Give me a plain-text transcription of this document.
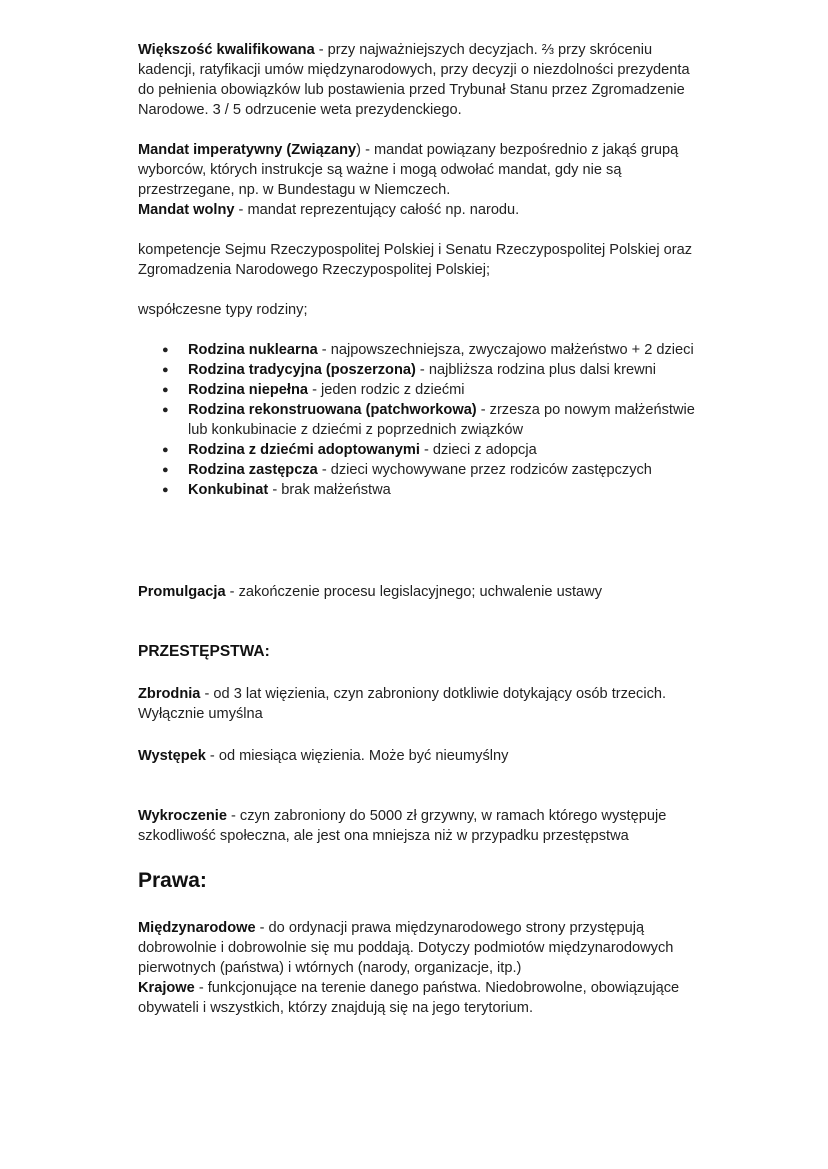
Większość kwalifikowana - przy najważniejszych decyzjach. ⅔ przy skróceniu kadencji, ratyfikacji umów międzynarodowych, przy decyzji o niezdolności prezydenta do pełnienia obowiązków lub postawienia przed Trybunał Stanu przez Zgromadzenie Narodowe. 3 / 5 odrzucenie weta prezydenckiego.

Mandat imperatywny (Związany) - mandat powiązany bezpośrednio z jakąś grupą wyborców, których instrukcje są ważne i mogą odwołać mandat, gdy nie są przestrzegane, np. w Bundestagu w Niemczech.

Mandat wolny - mandat reprezentujący całość np. narodu.

kompetencje Sejmu Rzeczypospolitej Polskiej i Senatu Rzeczypospolitej Polskiej oraz Zgromadzenia Narodowego Rzeczypospolitej Polskiej;

współczesne typy rodziny;

● Rodzina nuklearna - najpowszechniejsza, zwyczajowo małżeństwo + 2 dzieci
● Rodzina tradycyjna (poszerzona) - najbliższa rodzina plus dalsi krewni
● Rodzina niepełna - jeden rodzic z dziećmi
● Rodzina rekonstruowana (patchworkowa) - zrzesza po nowym małżeństwie lub konkubinacie z dziećmi z poprzednich związków
● Rodzina z dziećmi adoptowanymi - dzieci z adopcja
● Rodzina zastępcza - dzieci wychowywane przez rodziców zastępczych
● Konkubinat - brak małżeństwa

Promulgacja - zakończenie procesu legislacyjnego; uchwalenie ustawy

PRZESTĘPSTWA:

Zbrodnia - od 3 lat więzienia, czyn zabroniony dotkliwie dotykający osób trzecich. Wyłącznie umyślna

Występek - od miesiąca więzienia. Może być nieumyślny

Wykroczenie - czyn zabroniony do 5000 zł grzywny, w ramach którego występuje szkodliwość społeczna, ale jest ona mniejsza niż w przypadku przestępstwa

Prawa:

Międzynarodowe - do ordynacji prawa międzynarodowego strony przystępują dobrowolnie i dobrowolnie się mu poddają. Dotyczy podmiotów międzynarodowych pierwotnych (państwa) i wtórnych (narody, organizacje, itp.)

Krajowe - funkcjonujące na terenie danego państwa. Niedobrowolne, obowiązujące obywateli i wszystkich, którzy znajdują się na jego terytorium.
